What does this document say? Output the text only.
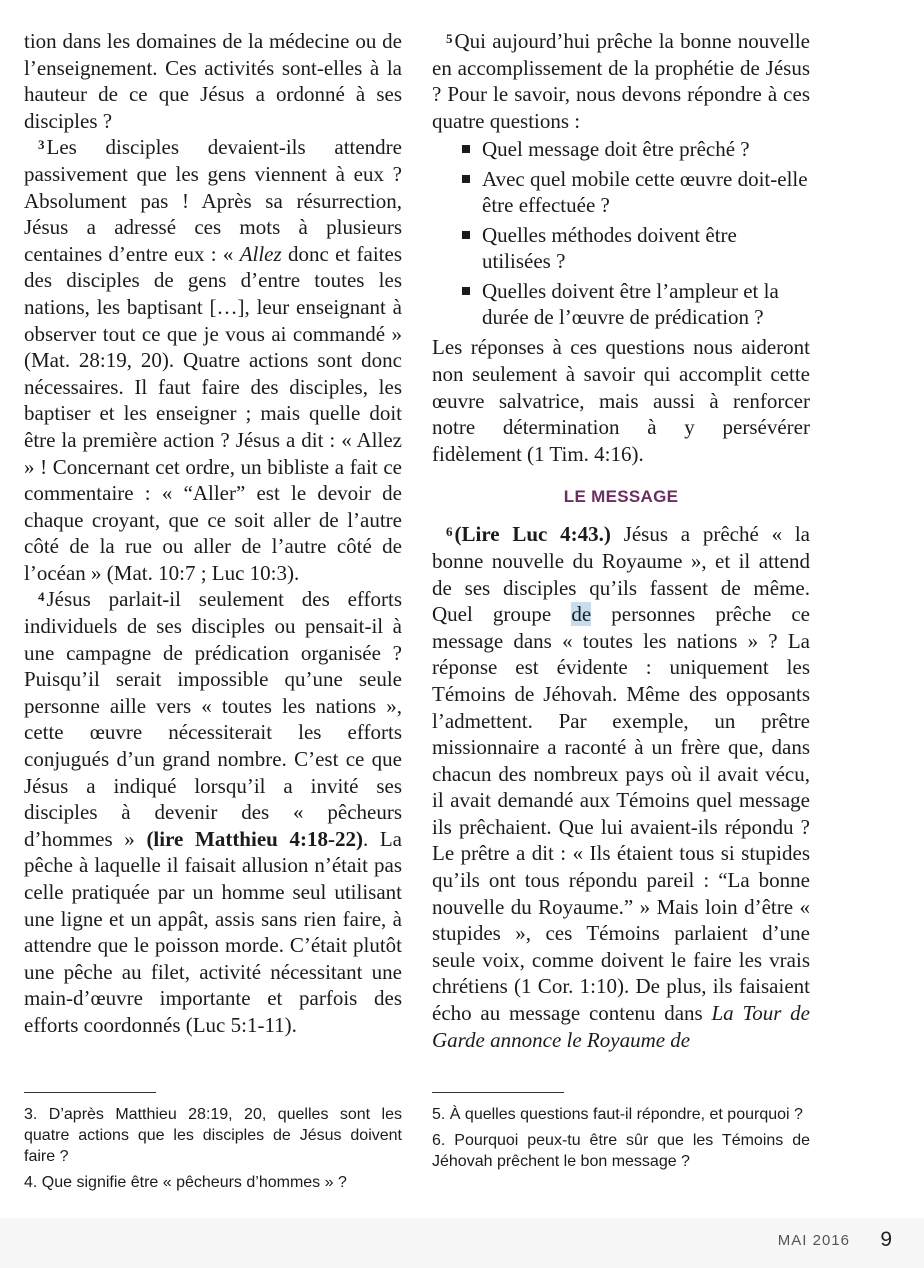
tion dans les domaines de la médecine ou de l’enseignement. Ces activités sont-elles à la hauteur de ce que Jésus a ordonné à ses disciples ?

$^3$Les disciples devaient-ils attendre passivement que les gens viennent à eux ? Absolument pas ! Après sa résurrection, Jésus a adressé ces mots à plusieurs centaines d’entre eux : « Allez donc et faites des disciples de gens d’entre toutes les nations, les baptisant […], leur enseignant à observer tout ce que je vous ai commandé » (Mat. 28:19, 20). Quatre actions sont donc nécessaires. Il faut faire des disciples, les baptiser et les enseigner ; mais quelle doit être la première action ? Jésus a dit : « Allez » ! Concernant cet ordre, un bibliste a fait ce commentaire : « “Aller” est le devoir de chaque croyant, que ce soit aller de l’autre côté de la rue ou aller de l’autre côté de l’océan » (Mat. 10:7 ; Luc 10:3).

$^4$Jésus parlait-il seulement des efforts individuels de ses disciples ou pensait-il à une campagne de prédication organisée ? Puisqu’il serait impossible qu’une seule personne aille vers « toutes les nations », cette œuvre nécessiterait les efforts conjugués d’un grand nombre. C’est ce que Jésus a indiqué lorsqu’il a invité ses disciples à devenir des « pêcheurs d’hommes » (lire Matthieu 4:18-22). La pêche à laquelle il faisait allusion n’était pas celle pratiquée par un homme seul utilisant une ligne et un appât, assis sans rien faire, à attendre que le poisson morde. C’était plutôt une pêche au filet, activité nécessitant une main-d’œuvre importante et parfois des efforts coordonnés (Luc 5:1-11).

$^5$Qui aujourd’hui prêche la bonne nouvelle en accomplissement de la prophétie de Jésus ? Pour le savoir, nous devons répondre à ces quatre questions :

Quel message doit être prêché ?
Avec quel mobile cette œuvre doit-elle être effectuée ?
Quelles méthodes doivent être utilisées ?
Quelles doivent être l’ampleur et la durée de l’œuvre de prédication ?

Les réponses à ces questions nous aideront non seulement à savoir qui accomplit cette œuvre salvatrice, mais aussi à renforcer notre détermination à y persévérer fidèlement (1 Tim. 4:16).

LE MESSAGE

$^6$(Lire Luc 4:43.) Jésus a prêché « la bonne nouvelle du Royaume », et il attend de ses disciples qu’ils fassent de même. Quel groupe de personnes prêche ce message dans « toutes les nations » ? La réponse est évidente : uniquement les Témoins de Jéhovah. Même des opposants l’admettent. Par exemple, un prêtre missionnaire a raconté à un frère que, dans chacun des nombreux pays où il avait vécu, il avait demandé aux Témoins quel message ils prêchaient. Que lui avaient-ils répondu ? Le prêtre a dit : « Ils étaient tous si stupides qu’ils ont tous répondu pareil : “La bonne nouvelle du Royaume.” » Mais loin d’être « stupides », ces Témoins parlaient d’une seule voix, comme doivent le faire les vrais chrétiens (1 Cor. 1:10). De plus, ils faisaient écho au message contenu dans La Tour de Garde annonce le Royaume de

3. D’après Matthieu 28:19, 20, quelles sont les quatre actions que les disciples de Jésus doivent faire ?

4. Que signifie être « pêcheurs d’hommes » ?

5. À quelles questions faut-il répondre, et pourquoi ?

6. Pourquoi peux-tu être sûr que les Témoins de Jéhovah prêchent le bon message ?

MAI 2016 9
